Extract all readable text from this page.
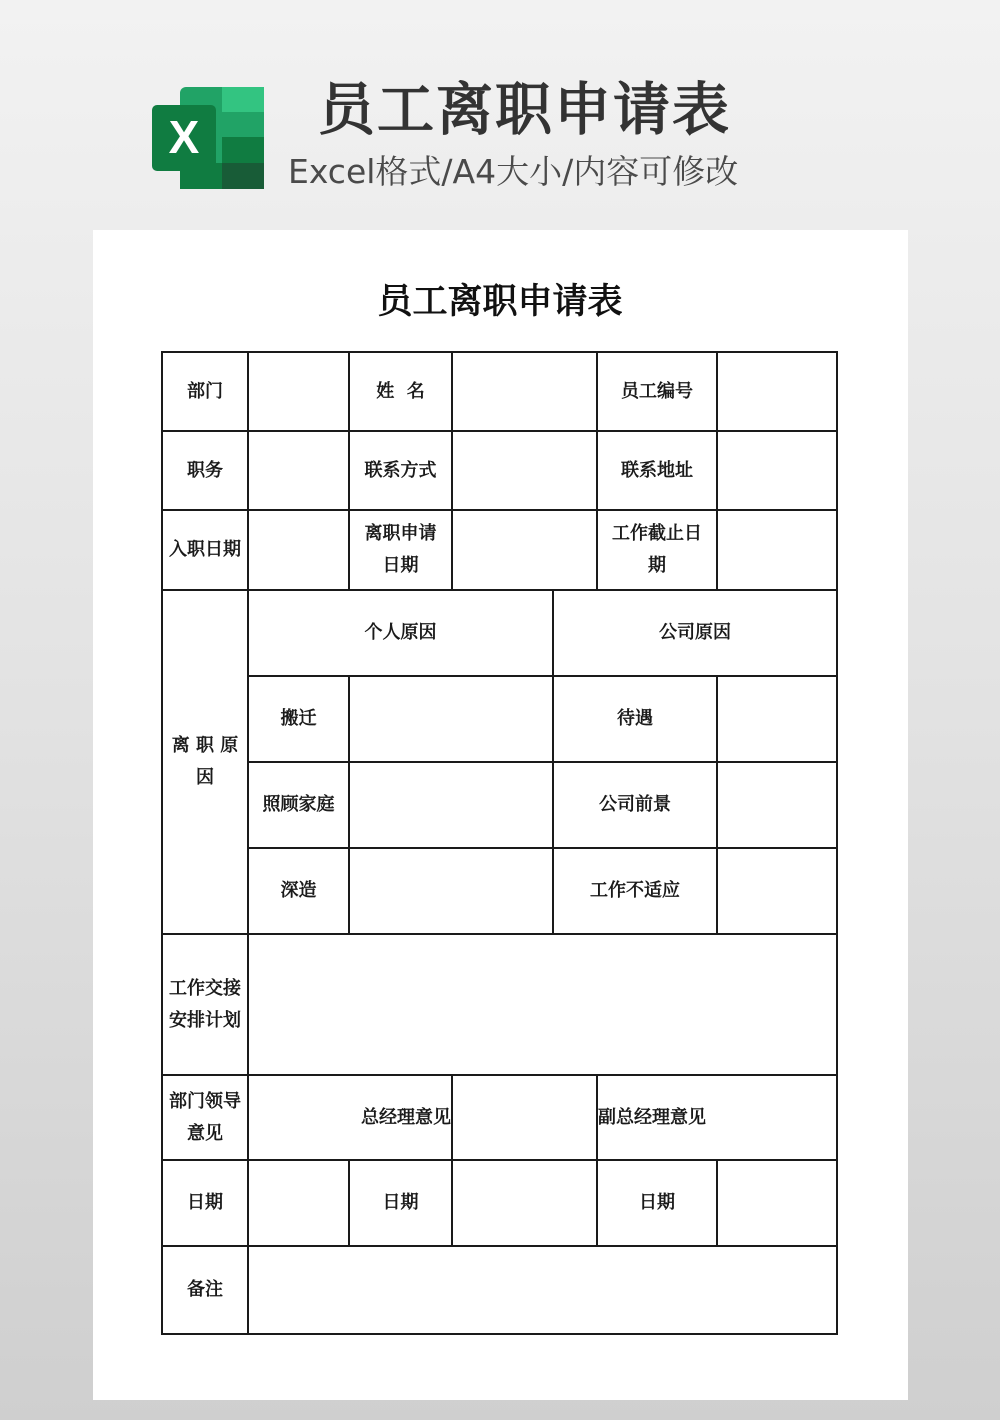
X 员工离职申请表
Excel格式/A4大小/内容可修改
员工离职申请表
部门		姓  名			员工编号	
职务		联系方式			联系地址	
入职日期		离职申请日期			工作截止日期	
离 职 原因	个人原因			公司原因		
	搬迁			待遇		
	照顾家庭			公司前景		
	深造			工作不适应		
工作交接安排计划						
部门领导意见	总经理意见				副总经理意见	
日期		日期			日期	
备注						
